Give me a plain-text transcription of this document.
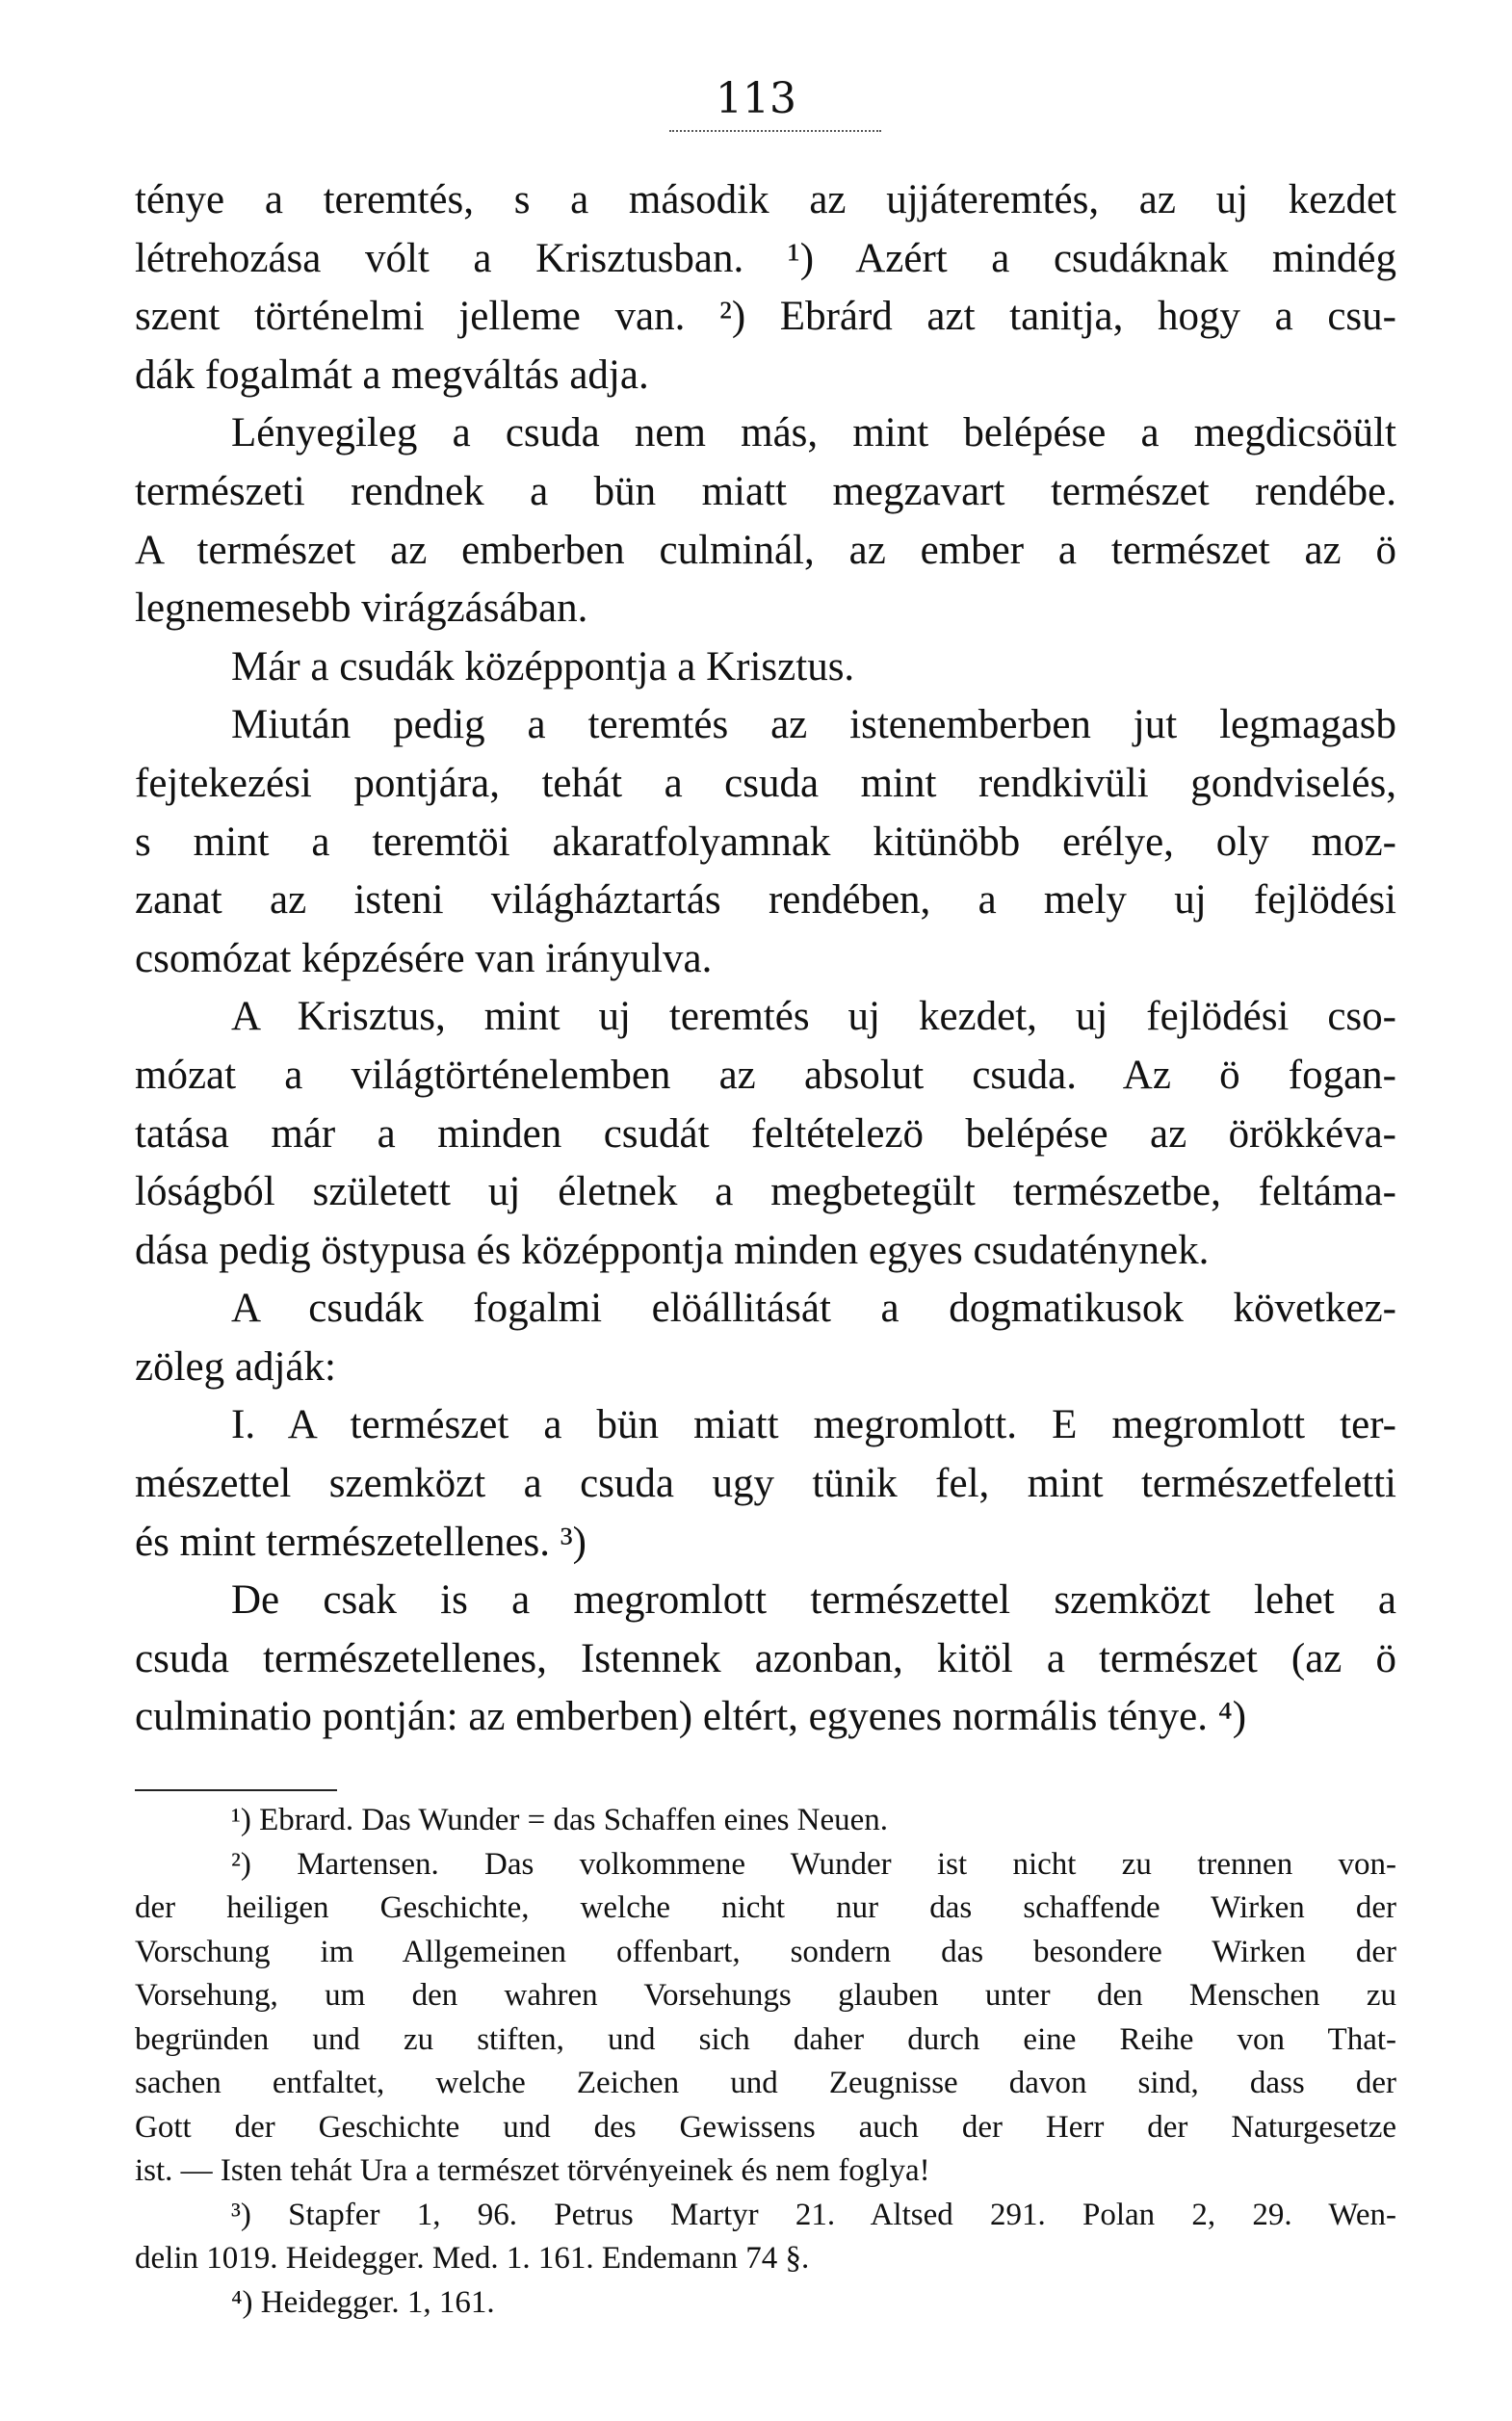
113
ténye a teremtés, s a második az ujjáteremtés, az uj kezdet
létrehozása vólt a Krisztusban. ¹) Azért a csudáknak mindég
szent történelmi jelleme van. ²) Ebrárd azt tanitja, hogy a csu-
dák fogalmát a megváltás adja.
Lényegileg a csuda nem más, mint belépése a megdicsöült
természeti rendnek a bün miatt megzavart természet rendébe.
A természet az emberben culminál, az ember a természet az ö
legnemesebb virágzásában.
Már a csudák középpontja a Krisztus.
Miután pedig a teremtés az istenemberben jut legmagasb
fejtekezési pontjára, tehát a csuda mint rendkivüli gondviselés,
s mint a teremtöi akaratfolyamnak kitünöbb erélye, oly moz-
zanat az isteni világháztartás rendében, a mely uj fejlödési
csomózat képzésére van irányulva.
A Krisztus, mint uj teremtés uj kezdet, uj fejlödési cso-
mózat a világtörténelemben az absolut csuda. Az ö fogan-
tatása már a minden csudát feltételezö belépése az örökkéva-
lóságból született uj életnek a megbetegült természetbe, feltáma-
dása pedig östypusa és középpontja minden egyes csudaténynek.
A csudák fogalmi elöállitását a dogmatikusok következ-
zöleg adják:
I. A természet a bün miatt megromlott. E megromlott ter-
mészettel szemközt a csuda ugy tünik fel, mint természetfeletti
és mint természetellenes. ³)
De csak is a megromlott természettel szemközt lehet a
csuda természetellenes, Istennek azonban, kitöl a természet (az ö
culminatio pontján: az emberben) eltért, egyenes normális ténye. ⁴)
¹) Ebrard. Das Wunder = das Schaffen eines Neuen.
²) Martensen. Das volkommene Wunder ist nicht zu trennen von-
der heiligen Geschichte, welche nicht nur das schaffende Wirken der
Vorschung im Allgemeinen offenbart, sondern das besondere Wirken der
Vorsehung, um den wahren Vorsehungs glauben unter den Menschen zu
begründen und zu stiften, und sich daher durch eine Reihe von That-
sachen entfaltet, welche Zeichen und Zeugnisse davon sind, dass der
Gott der Geschichte und des Gewissens auch der Herr der Naturgesetze
ist. — Isten tehát Ura a természet törvényeinek és nem foglya!
³) Stapfer 1, 96. Petrus Martyr 21. Altsed 291. Polan 2, 29. Wen-
delin 1019. Heidegger. Med. 1. 161. Endemann 74 §.
⁴) Heidegger. 1, 161.
